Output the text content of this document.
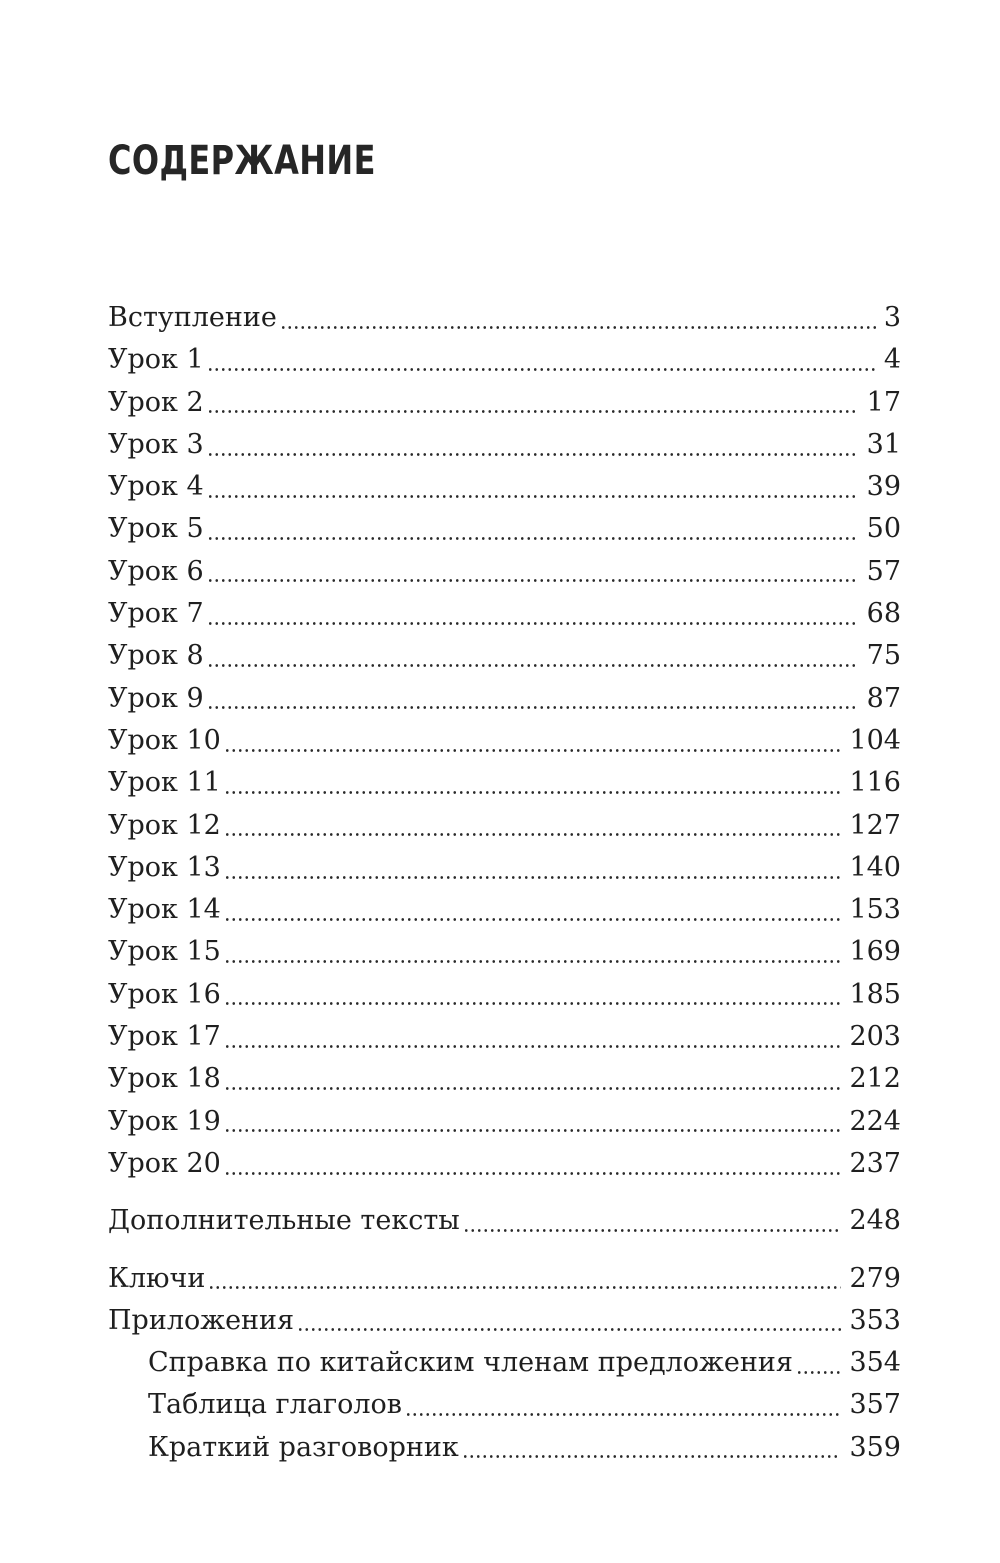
СОДЕРЖАНИЕ
Вступление	3
Урок 1	4
Урок 2	17
Урок 3	31
Урок 4	39
Урок 5	50
Урок 6	57
Урок 7	68
Урок 8	75
Урок 9	87
Урок 10	104
Урок 11	116
Урок 12	127
Урок 13	140
Урок 14	153
Урок 15	169
Урок 16	185
Урок 17	203
Урок 18	212
Урок 19	224
Урок 20	237
Дополнительные тексты	248
Ключи	279
Приложения	353
Справка по китайским членам предложения 354
Таблица глаголов	357
Краткий разговорник	359
